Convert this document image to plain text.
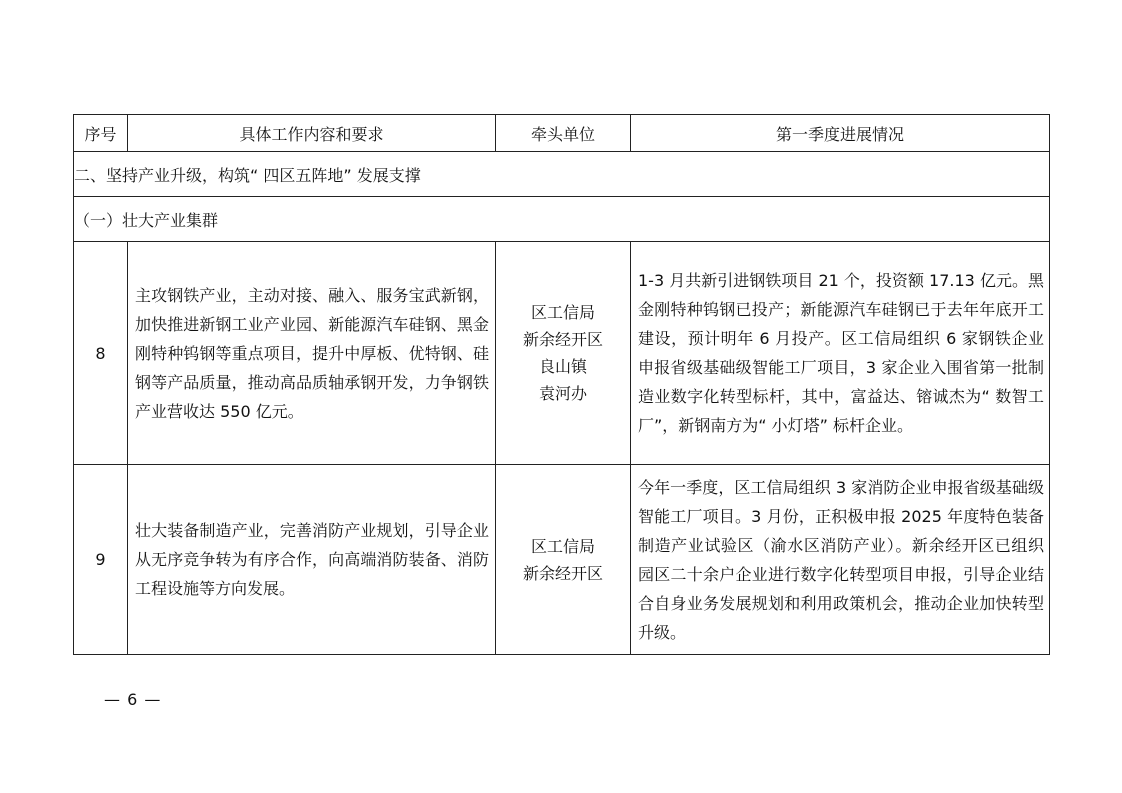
序号	具体工作内容和要求	牵头单位	第一季度进展情况
二、坚持产业升级，构筑“ 四区五阵地” 发展支撑			
（一）壮大产业集群			
8	主攻钢铁产业，主动对接、融入、服务宝武新钢，加快推进新钢工业产业园、新能源汽车硅钢、黑金刚特种钨钢等重点项目，提升中厚板、优特钢、硅钢等产品质量，推动高品质轴承钢开发，力争钢铁产业营收达 550 亿元。	区工信局
新余经开区
良山镇
袁河办	1-3 月共新引进钢铁项目 21 个，投资额 17.13 亿元。黑金刚特种钨钢已投产；新能源汽车硅钢已于去年年底开工建设，预计明年 6 月投产。区工信局组织 6 家钢铁企业申报省级基础级智能工厂项目，3 家企业入围省第一批制造业数字化转型标杆，其中，富益达、镕诚杰为“ 数智工厂”，新钢南方为“ 小灯塔” 标杆企业。
9	壮大装备制造产业，完善消防产业规划，引导企业从无序竞争转为有序合作，向高端消防装备、消防工程设施等方向发展。	区工信局
新余经开区	今年一季度，区工信局组织 3 家消防企业申报省级基础级智能工厂项目。3 月份，正积极申报 2025 年度特色装备制造产业试验区（渝水区消防产业）。新余经开区已组织园区二十余户企业进行数字化转型项目申报，引导企业结合自身业务发展规划和利用政策机会，推动企业加快转型升级。
— 6 —
